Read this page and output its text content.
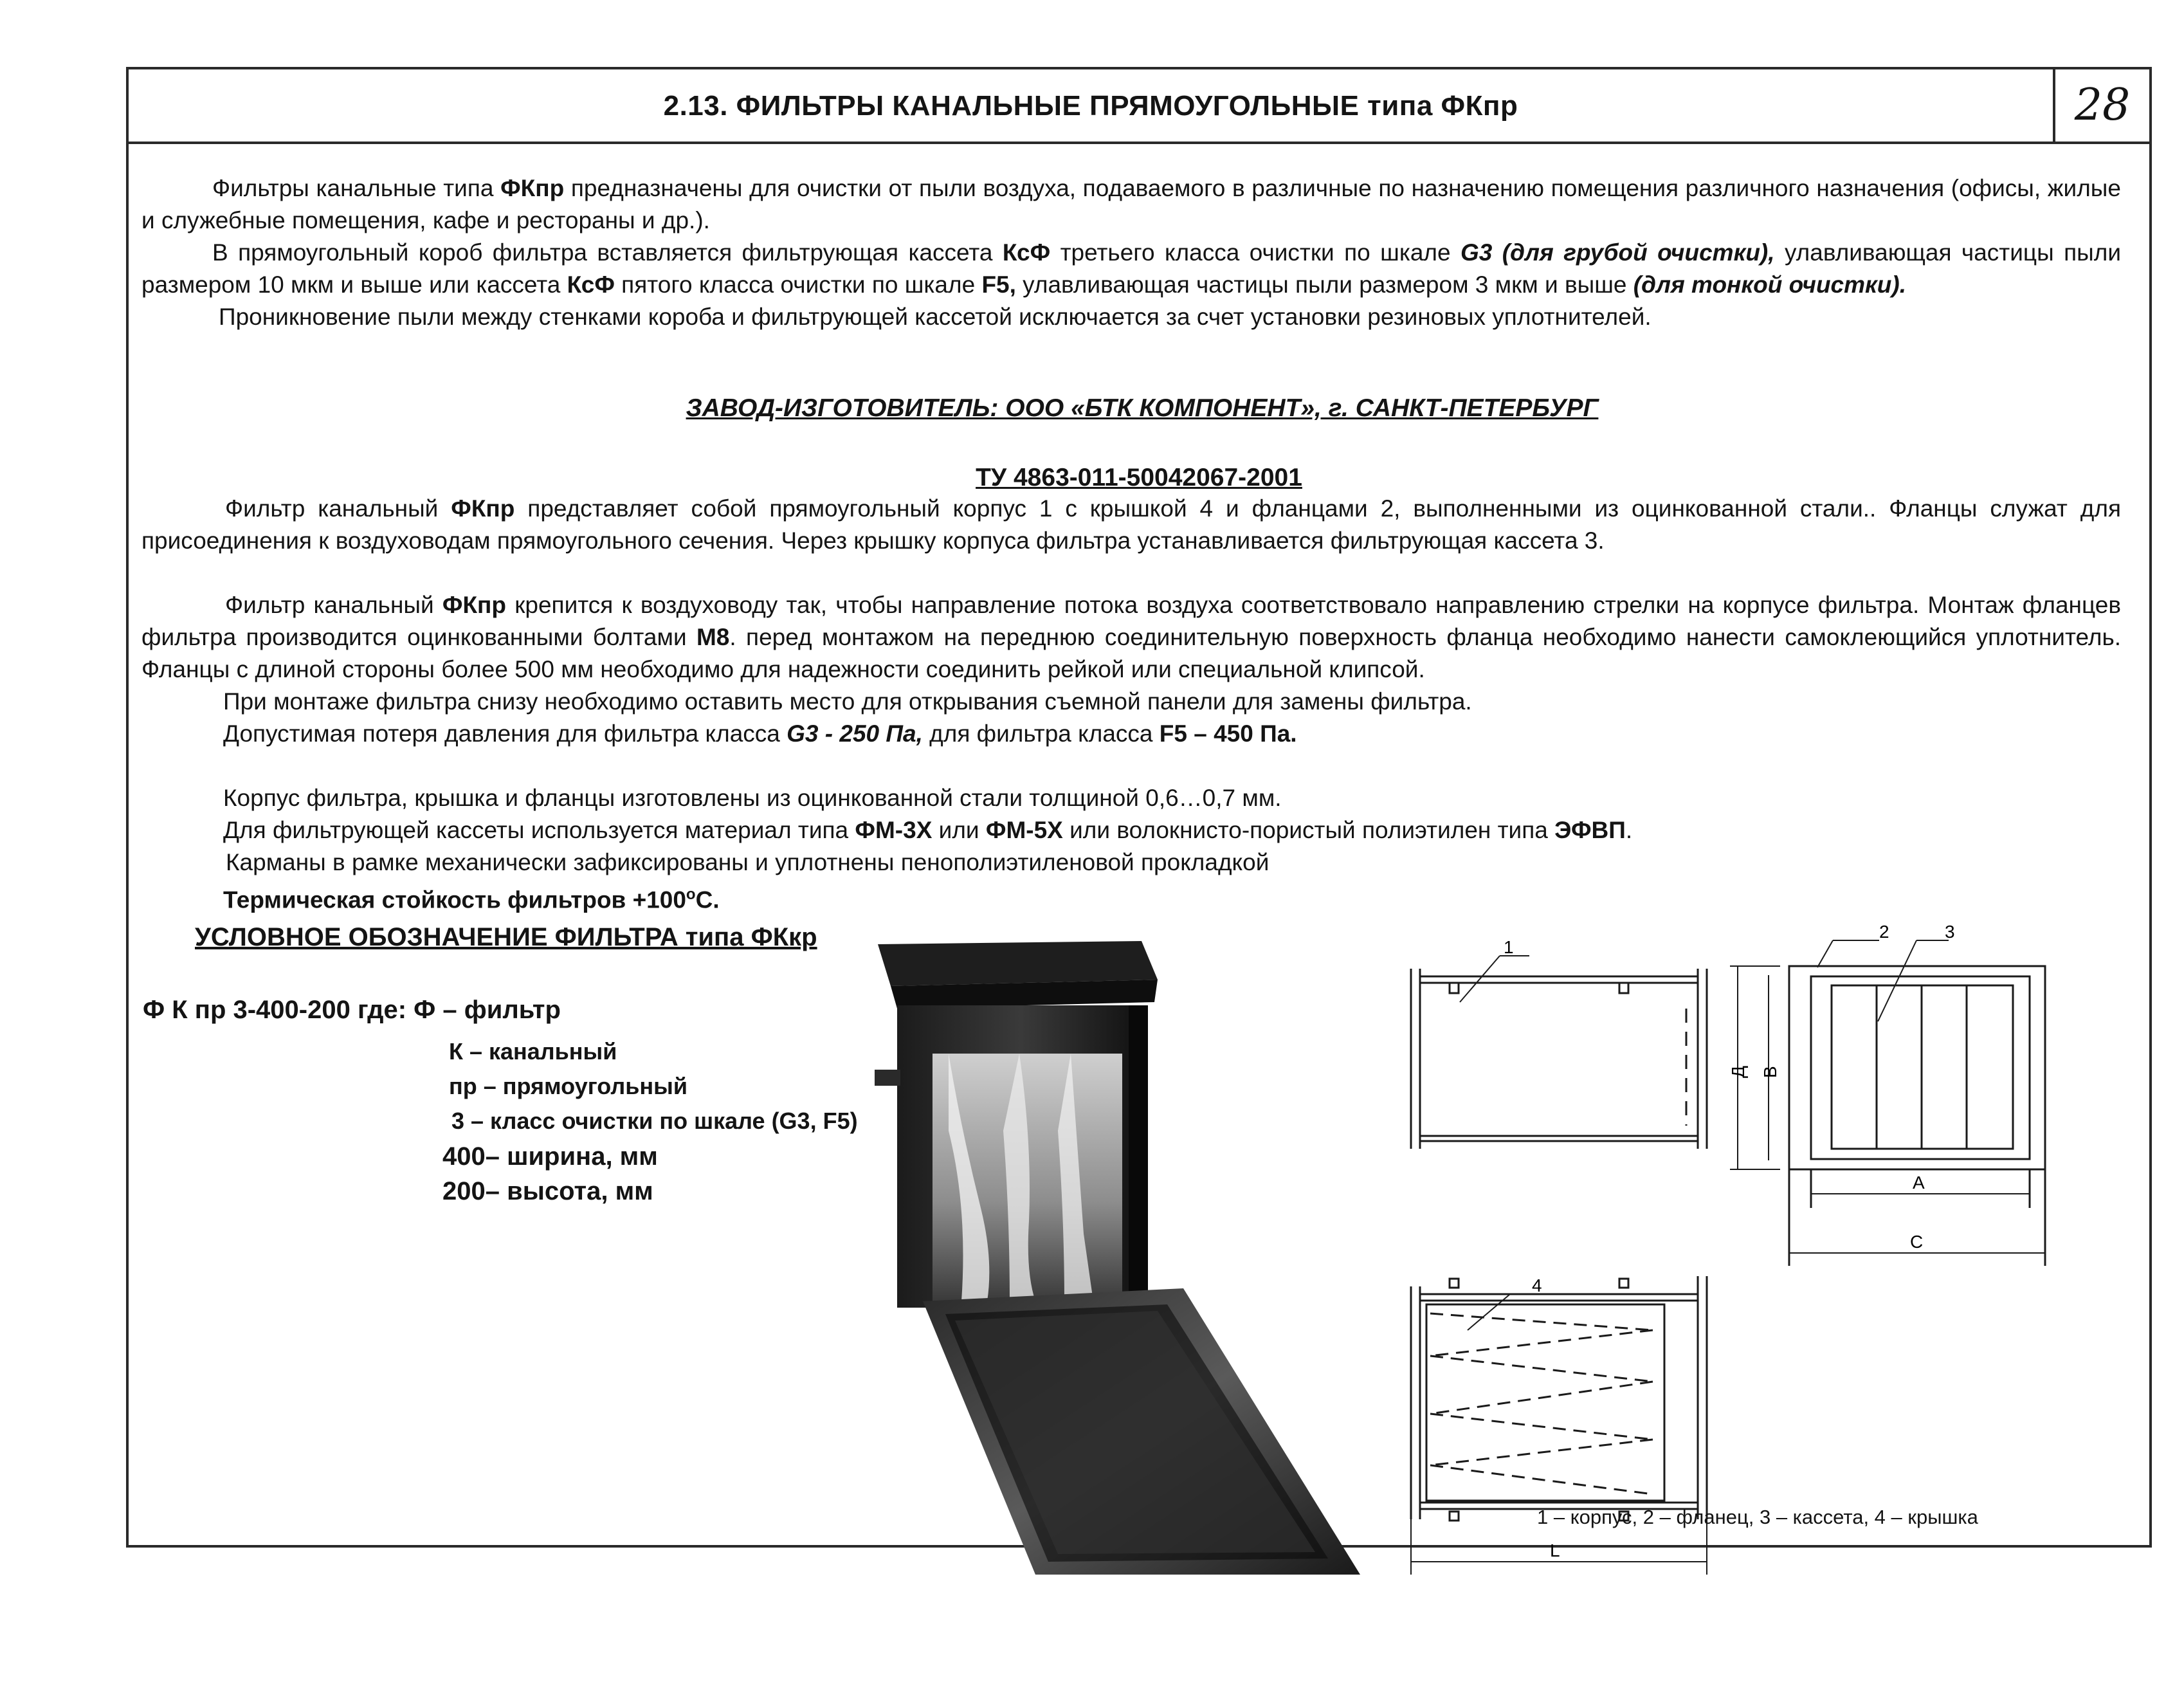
2.13. ФИЛЬТРЫ КАНАЛЬНЫЕ ПРЯМОУГОЛЬНЫЕ типа ФКпр	28

Фильтры канальные типа ФКпр предназначены для очистки от пыли воздуха, подаваемого в различные по назначению помещения различного назначения (офисы, жилые и служебные помещения, кафе и рестораны и др.).

В прямоугольный короб фильтра вставляется фильтрующая кассета КсФ третьего класса очистки по шкале G3 (для грубой очистки), улавливающая частицы пыли размером 10 мкм и выше или кассета КсФ пятого класса очистки по шкале F5, улавливающая частицы пыли размером 3 мкм и выше (для тонкой очистки).

Проникновение пыли между стенками короба и фильтрующей кассетой исключается за счет установки резиновых уплотнителей.

ЗАВОД-ИЗГОТОВИТЕЛЬ: ООО «БТК КОМПОНЕНТ», г. САНКТ-ПЕТЕРБУРГ
ТУ 4863-011-50042067-2001

Фильтр канальный ФКпр представляет собой прямоугольный корпус 1 с крышкой 4 и фланцами 2, выполненными из оцинкованной стали.. Фланцы служат для присоединения к воздуховодам прямоугольного сечения. Через крышку корпуса фильтра устанавливается фильтрующая кассета 3.

Фильтр канальный ФКпр крепится к воздуховоду так, чтобы направление потока воздуха соответствовало направлению стрелки на корпусе фильтра. Монтаж фланцев фильтра производится оцинкованными болтами М8. перед монтажом на переднюю соединительную поверхность фланца необходимо нанести самоклеющийся уплотнитель. Фланцы с длиной стороны более 500 мм необходимо для надежности соединить рейкой или специальной клипсой.

При монтаже фильтра снизу необходимо оставить место для открывания съемной панели для замены фильтра.

Допустимая потеря давления для фильтра класса G3 - 250 Па, для фильтра класса F5 – 450 Па.

Корпус фильтра, крышка и фланцы изготовлены из оцинкованной стали толщиной 0,6…0,7 мм.

Для фильтрующей кассеты используется материал типа ФМ-3Х или ФМ-5Х или волокнисто-пористый полиэтилен типа ЭФВП.

Карманы в рамке механически зафиксированы и уплотнены пенополиэтиленовой прокладкой

Термическая стойкость фильтров $+100^оС$.

УСЛОВНОЕ ОБОЗНАЧЕНИЕ ФИЛЬТРА типа ФКкр
Ф К пр 3-400-200 где: Ф – фильтр
К – канальный
пр – прямоугольный
3 – класс очистки по шкале (G3, F5)
400– ширина, мм
200– высота, мм
1
2	3
4
Д В
А
С
L
1 – корпус, 2 – фланец, 3 – кассета, 4 – крышка
